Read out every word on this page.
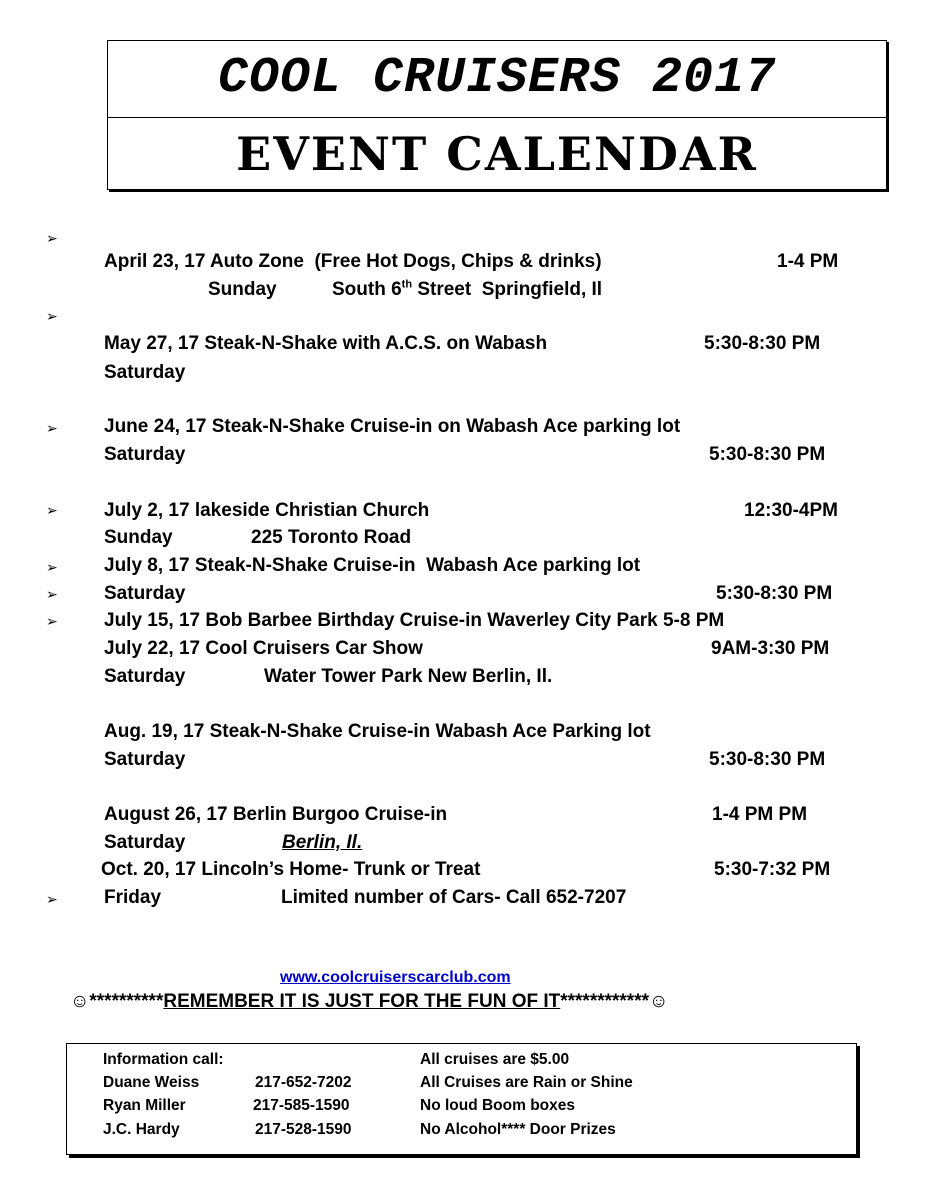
COOL CRUISERS 2017
EVENT CALENDAR
➢
➢
➢
➢
➢
➢
➢
➢
April 23, 17 Auto Zone  (Free Hot Dogs, Chips & drinks)	1-4 PM
Sunday	South 6th Street  Springfield, Il
May 27, 17 Steak-N-Shake with A.C.S. on Wabash	5:30-8:30 PM
Saturday
June 24, 17 Steak-N-Shake Cruise-in on Wabash Ace parking lot
Saturday	5:30-8:30 PM
July 2, 17 lakeside Christian Church	12:30-4PM
Sunday	225 Toronto Road
July 8, 17 Steak-N-Shake Cruise-in  Wabash Ace parking lot
Saturday	5:30-8:30 PM
July 15, 17 Bob Barbee Birthday Cruise-in Waverley City Park 5-8 PM
July 22, 17 Cool Cruisers Car Show	9AM-3:30 PM
Saturday	Water Tower Park New Berlin, Il.
Aug. 19, 17 Steak-N-Shake Cruise-in Wabash Ace Parking lot
Saturday	5:30-8:30 PM
August 26, 17 Berlin Burgoo Cruise-in	1-4 PM PM
Saturday	Berlin, Il.
Oct. 20, 17 Lincoln’s Home- Trunk or Treat	5:30-7:32 PM
Friday	Limited number of Cars- Call 652-7207
www.coolcruiserscarclub.com
☺**********REMEMBER IT IS JUST FOR THE FUN OF IT************☺
Information call:
Duane Weiss	217-652-7202
Ryan Miller	217-585-1590
J.C. Hardy	217-528-1590
All cruises are $5.00
All Cruises are Rain or Shine
No loud Boom boxes
No Alcohol**** Door Prizes
